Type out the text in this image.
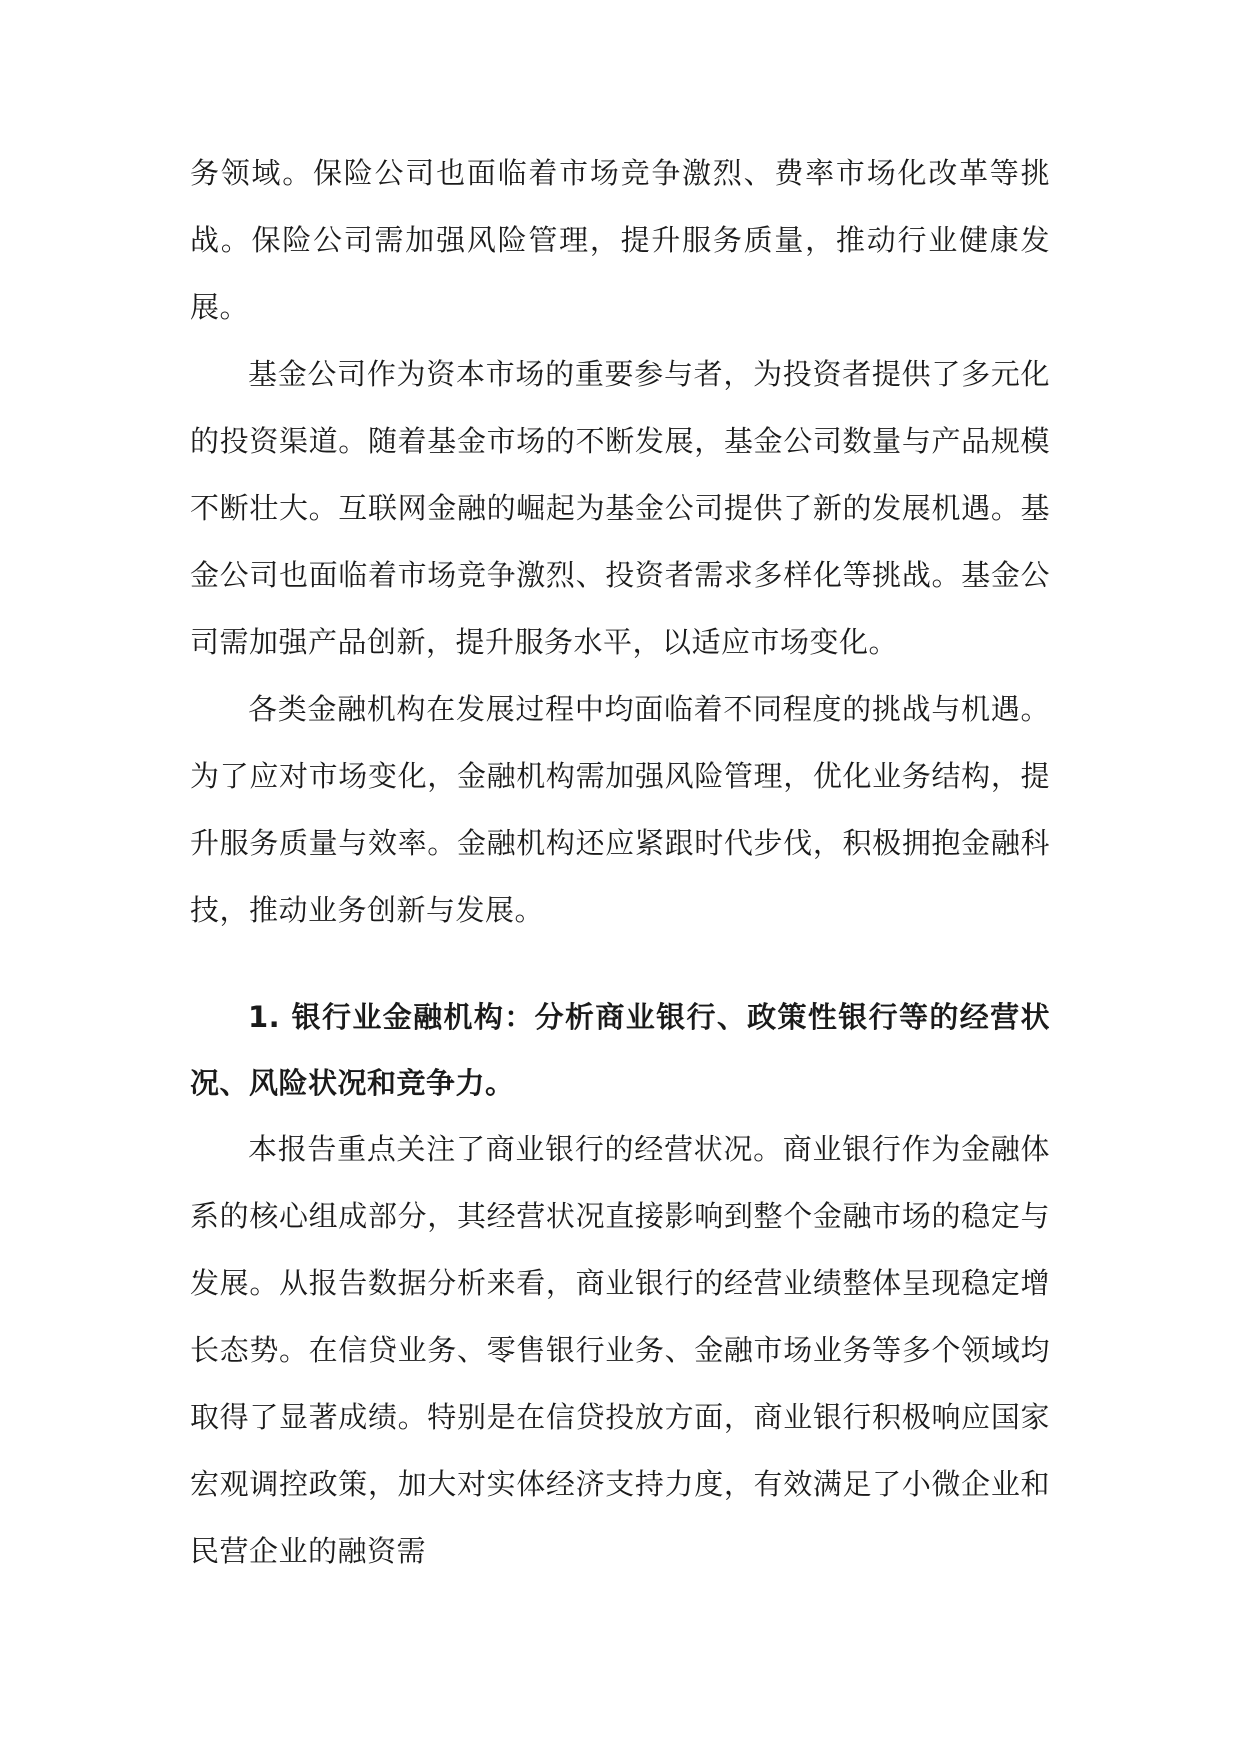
务领域。保险公司也面临着市场竞争激烈、费率市场化改革等挑战。保险公司需加强风险管理，提升服务质量，推动行业健康发展。

基金公司作为资本市场的重要参与者，为投资者提供了多元化的投资渠道。随着基金市场的不断发展，基金公司数量与产品规模不断壮大。互联网金融的崛起为基金公司提供了新的发展机遇。基金公司也面临着市场竞争激烈、投资者需求多样化等挑战。基金公司需加强产品创新，提升服务水平，以适应市场变化。

各类金融机构在发展过程中均面临着不同程度的挑战与机遇。为了应对市场变化，金融机构需加强风险管理，优化业务结构，提升服务质量与效率。金融机构还应紧跟时代步伐，积极拥抱金融科技，推动业务创新与发展。

1. 银行业金融机构：分析商业银行、政策性银行等的经营状况、风险状况和竞争力。

本报告重点关注了商业银行的经营状况。商业银行作为金融体系的核心组成部分，其经营状况直接影响到整个金融市场的稳定与发展。从报告数据分析来看，商业银行的经营业绩整体呈现稳定增长态势。在信贷业务、零售银行业务、金融市场业务等多个领域均取得了显著成绩。特别是在信贷投放方面，商业银行积极响应国家宏观调控政策，加大对实体经济支持力度，有效满足了小微企业和民营企业的融资需
